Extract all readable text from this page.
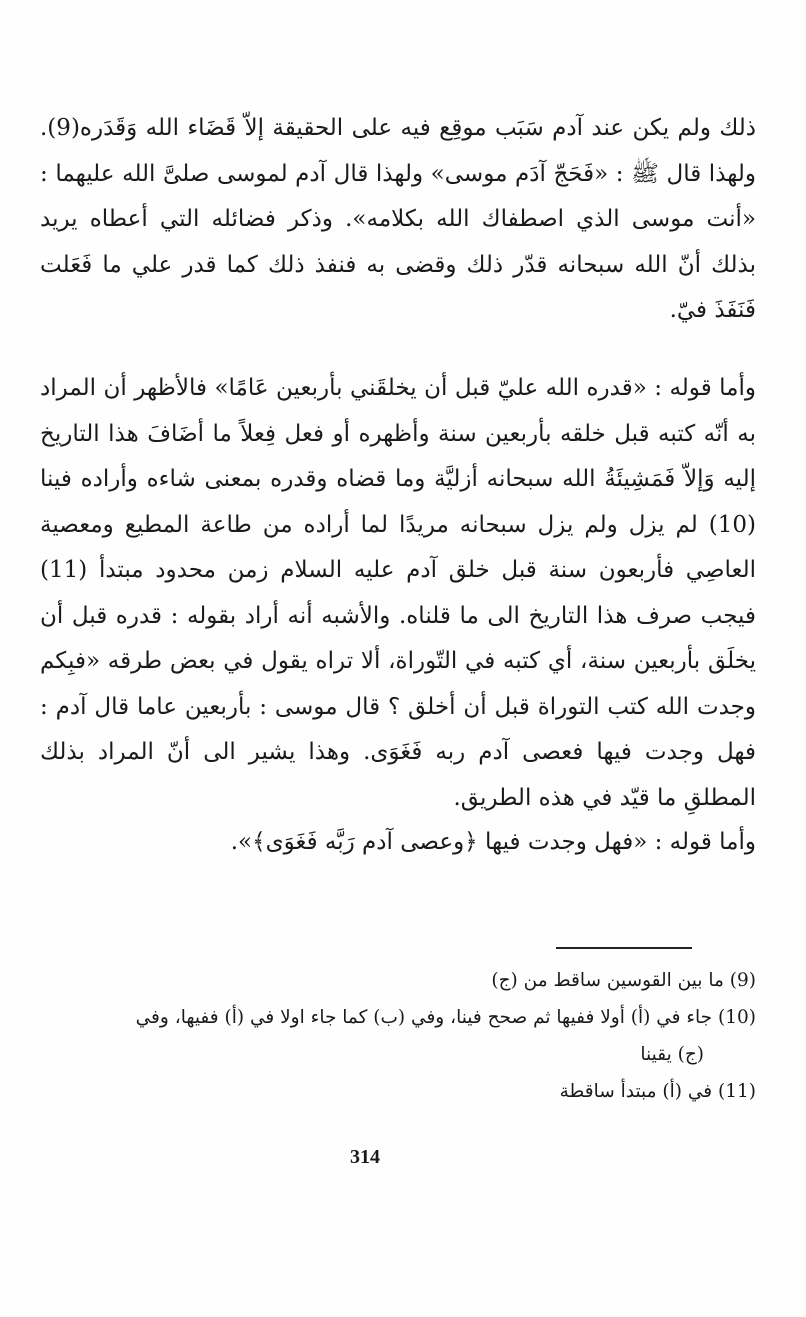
ذلك ولم يكن عند آدم سَبَب موقِع فيه على الحقيقة إلاّ قَضَاء الله وَقَدَره(9). ولهذا قال ﷺ : «فَحَجّ آدَم موسى» ولهذا قال آدم لموسى صلىَّ الله عليهما : «أنت موسى الذي اصطفاك الله بكلامه». وذكر فضائله التي أعطاه يريد بذلك أنّ الله سبحانه قدّر ذلك وقضى به فنفذ ذلك كما قدر علي ما فَعَلت فَنَفَذَ فيّ.

وأما قوله : «قدره الله عليّ قبل أن يخلقَني بأربعين عَامًا» فالأظهر أن المراد به أنّه كتبه قبل خلقه بأربعين سنة وأظهره أو فعل فِعلاً ما أضَافَ هذا التاريخ إليه وَإلاّ فَمَشِيئَةُ الله سبحانه أزليَّة وما قضاه وقدره بمعنى شاءه وأراده فينا (10) لم يزل ولم يزل سبحانه مريدًا لما أراده من طاعة المطيع ومعصية العاصِي فأربعون سنة قبل خلق آدم عليه السلام زمن محدود مبتدأ (11) فيجب صرف هذا التاريخ الى ما قلناه. والأشبه أنه أراد بقوله : قدره قبل أن يخلَق بأربعين سنة، أي كتبه في التّوراة، ألا تراه يقول في بعض طرقه «فبِكم وجدت الله كتب التوراة قبل أن أخلق ؟ قال موسى : بأربعين عاما قال آدم : فهل وجدت فيها فعصى آدم ربه فَغَوَى. وهذا يشير الى أنّ المراد بذلك المطلقِ ما قيّد في هذه الطريق.

وأما قوله : «فهل وجدت فيها ﴿وعصى آدم رَبَّه فَغَوَى﴾».

(9) ما بين القوسين ساقط من (ج)

(10) جاء في (أ) أولا ففيها ثم صحح فينا، وفي (ب) كما جاء اولا في (أ) ففيها، وفي

(ج) يقينا

(11) في (أ) مبتدأ ساقطة

314
